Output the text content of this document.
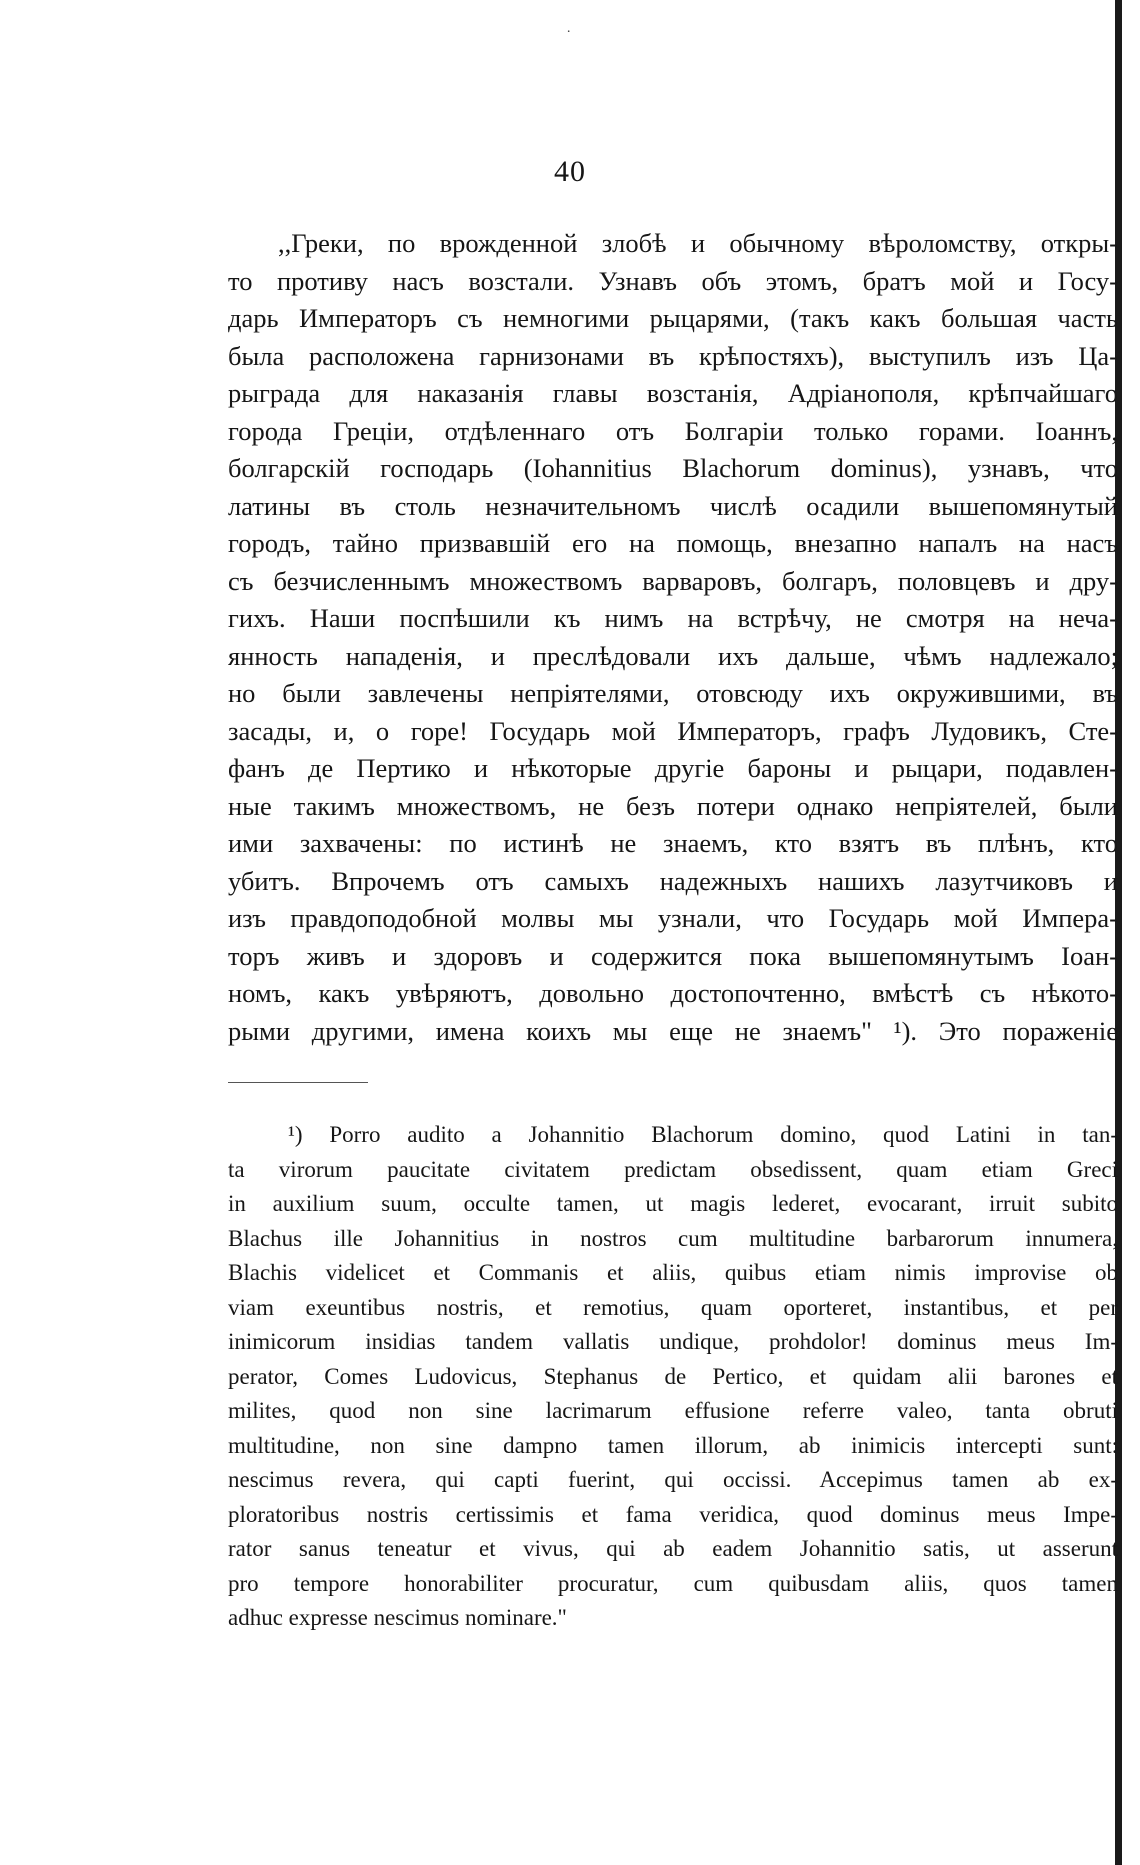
˙
40
,,Греки, по врожденной злобѣ и обычному вѣроломству, откры-
то противу насъ возстали. Узнавъ объ этомъ, братъ мой и Госу-
дарь Императоръ съ немногими рыцарями, (такъ какъ большая часть
была расположена гарнизонами въ крѣпостяхъ), выступилъ изъ Ца-
рыграда для наказанія главы возстанія, Адріанополя, крѣпчайшаго
города Греціи, отдѣленнаго отъ Болгаріи только горами. Іоаннъ,
болгарскій господарь (Iohannitius Blachorum dominus), узнавъ, что
латины въ столь незначительномъ числѣ осадили вышепомянутый
городъ, тайно призвавшій его на помощь, внезапно напалъ на насъ
съ безчисленнымъ множествомъ варваровъ, болгаръ, половцевъ и дру-
гихъ. Наши поспѣшили къ нимъ на встрѣчу, не смотря на неча-
янность нападенія, и преслѣдовали ихъ дальше, чѣмъ надлежало;
но были завлечены непріятелями, отовсюду ихъ окружившими, въ
засады, и, о горе! Государь мой Императоръ, графъ Лудовикъ, Сте-
фанъ де Пертико и нѣкоторые другіе бароны и рыцари, подавлен-
ные такимъ множествомъ, не безъ потери однако непріятелей, были
ими захвачены: по истинѣ не знаемъ, кто взятъ въ плѣнъ, кто
убитъ. Впрочемъ отъ самыхъ надежныхъ нашихъ лазутчиковъ и
изъ правдоподобной молвы мы узнали, что Государь мой Импера-
торъ живъ и здоровъ и содержится пока вышепомянутымъ Іоан-
номъ, какъ увѣряютъ, довольно достопочтенно, вмѣстѣ съ нѣкото-
рыми другими, имена коихъ мы еще не знаемъ" ¹). Это пораженіе
¹) Porro audito a Johannitio Blachorum domino, quod Latini in tan-
ta virorum paucitate civitatem predictam obsedissent, quam etiam Greci
in auxilium suum, occulte tamen, ut magis lederet, evocarant, irruit subito
Blachus ille Johannitius in nostros cum multitudine barbarorum innumera,
Blachis videlicet et Commanis et aliis, quibus etiam nimis improvise ob
viam exeuntibus nostris, et remotius, quam oporteret, instantibus, et per
inimicorum insidias tandem vallatis undique, prohdolor! dominus meus Im-
perator, Comes Ludovicus, Stephanus de Pertico, et quidam alii barones et
milites, quod non sine lacrimarum effusione referre valeo, tanta obruti
multitudine, non sine dampno tamen illorum, ab inimicis intercepti sunt:
nescimus revera, qui capti fuerint, qui occissi. Accepimus tamen ab ex-
ploratoribus nostris certissimis et fama veridica, quod dominus meus Impe-
rator sanus teneatur et vivus, qui ab eadem Johannitio satis, ut asserunt
pro tempore honorabiliter procuratur, cum quibusdam aliis, quos tamen
adhuc expresse nescimus nominare."
